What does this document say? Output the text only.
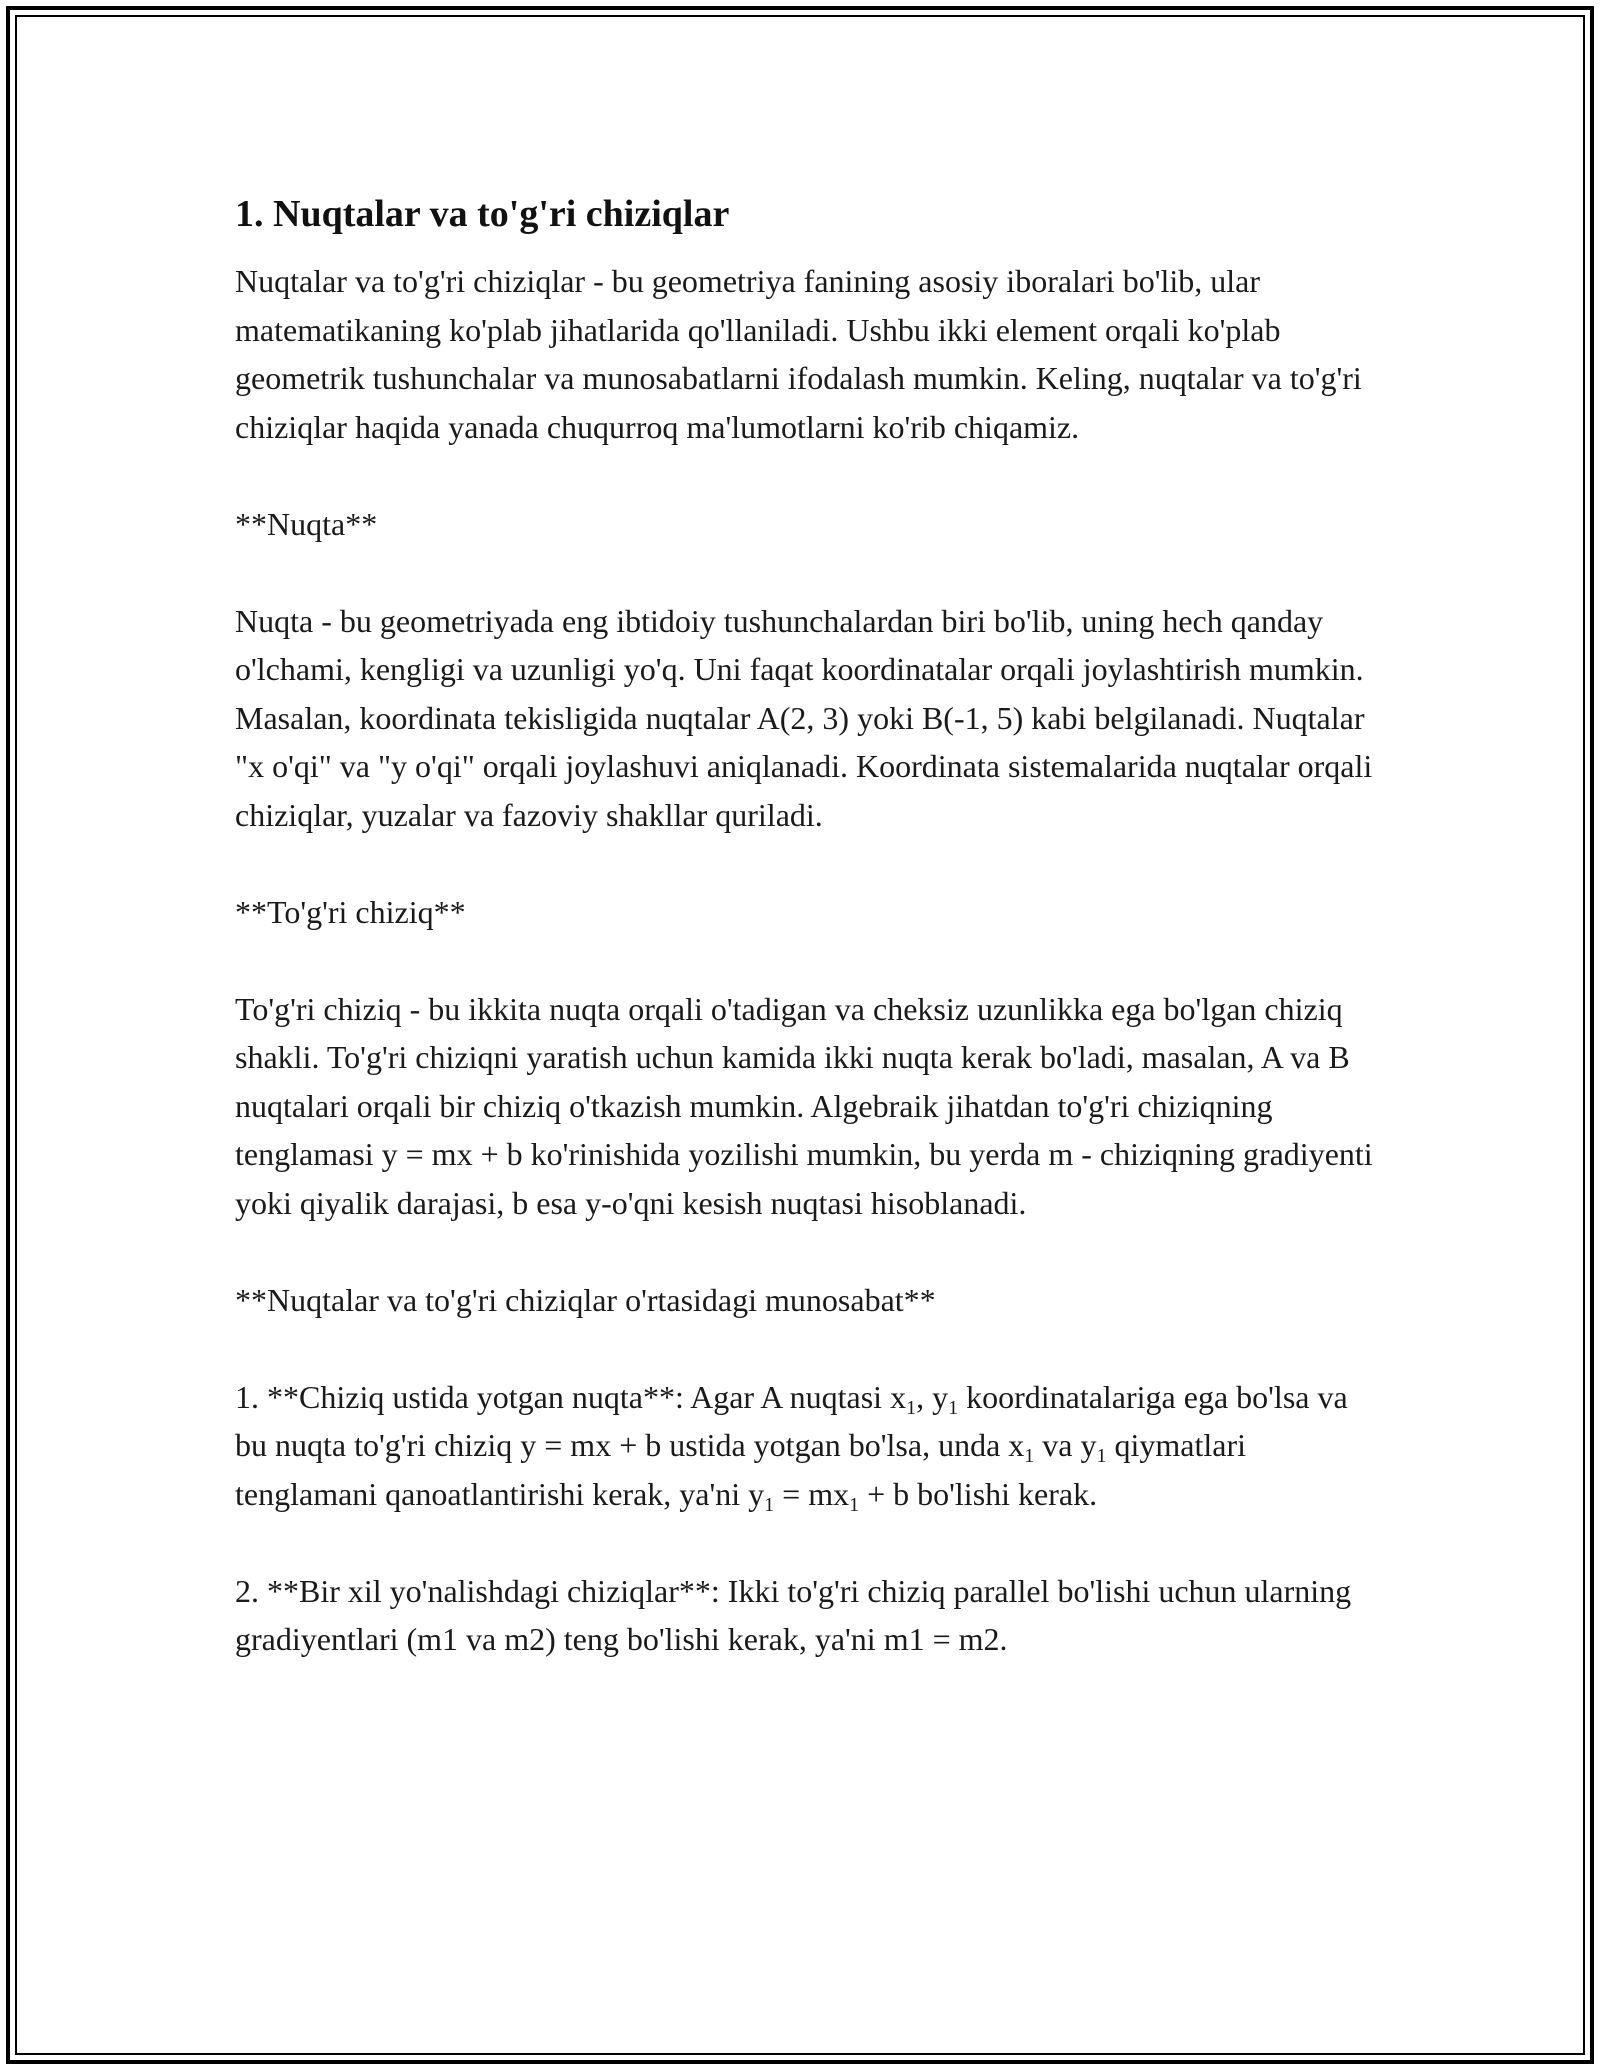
1. Nuqtalar va to'g'ri chiziqlar

Nuqtalar va to'g'ri chiziqlar - bu geometriya fanining asosiy iboralari bo'lib, ular matematikaning ko'plab jihatlarida qo'llaniladi. Ushbu ikki element orqali ko'plab geometrik tushunchalar va munosabatlarni ifodalash mumkin. Keling, nuqtalar va to'g'ri chiziqlar haqida yanada chuqurroq ma'lumotlarni ko'rib chiqamiz.

**Nuqta**

Nuqta - bu geometriyada eng ibtidoiy tushunchalardan biri bo'lib, uning hech qanday o'lchami, kengligi va uzunligi yo'q. Uni faqat koordinatalar orqali joylashtirish mumkin. Masalan, koordinata tekisligida nuqtalar A(2, 3) yoki B(-1, 5) kabi belgilanadi. Nuqtalar "x o'qi" va "y o'qi" orqali joylashuvi aniqlanadi. Koordinata sistemalarida nuqtalar orqali chiziqlar, yuzalar va fazoviy shakllar quriladi.

**To'g'ri chiziq**

To'g'ri chiziq - bu ikkita nuqta orqali o'tadigan va cheksiz uzunlikka ega bo'lgan chiziq shakli. To'g'ri chiziqni yaratish uchun kamida ikki nuqta kerak bo'ladi, masalan, A va B nuqtalari orqali bir chiziq o'tkazish mumkin. Algebraik jihatdan to'g'ri chiziqning tenglamasi y = mx + b ko'rinishida yozilishi mumkin, bu yerda m - chiziqning gradiyenti yoki qiyalik darajasi, b esa y-o'qni kesish nuqtasi hisoblanadi.

**Nuqtalar va to'g'ri chiziqlar o'rtasidagi munosabat**

1. **Chiziq ustida yotgan nuqta**: Agar A nuqtasi $x_1$, $y_1$ koordinatalariga ega bo'lsa va bu nuqta to'g'ri chiziq y = mx + b ustida yotgan bo'lsa, unda $x_1$ va $y_1$ qiymatlari tenglamani qanoatlantirishi kerak, ya'ni $y_1 = mx_1 + b$ bo'lishi kerak.

2. **Bir xil yo'nalishdagi chiziqlar**: Ikki to'g'ri chiziq parallel bo'lishi uchun ularning gradiyentlari (m1 va m2) teng bo'lishi kerak, ya'ni m1 = m2.
